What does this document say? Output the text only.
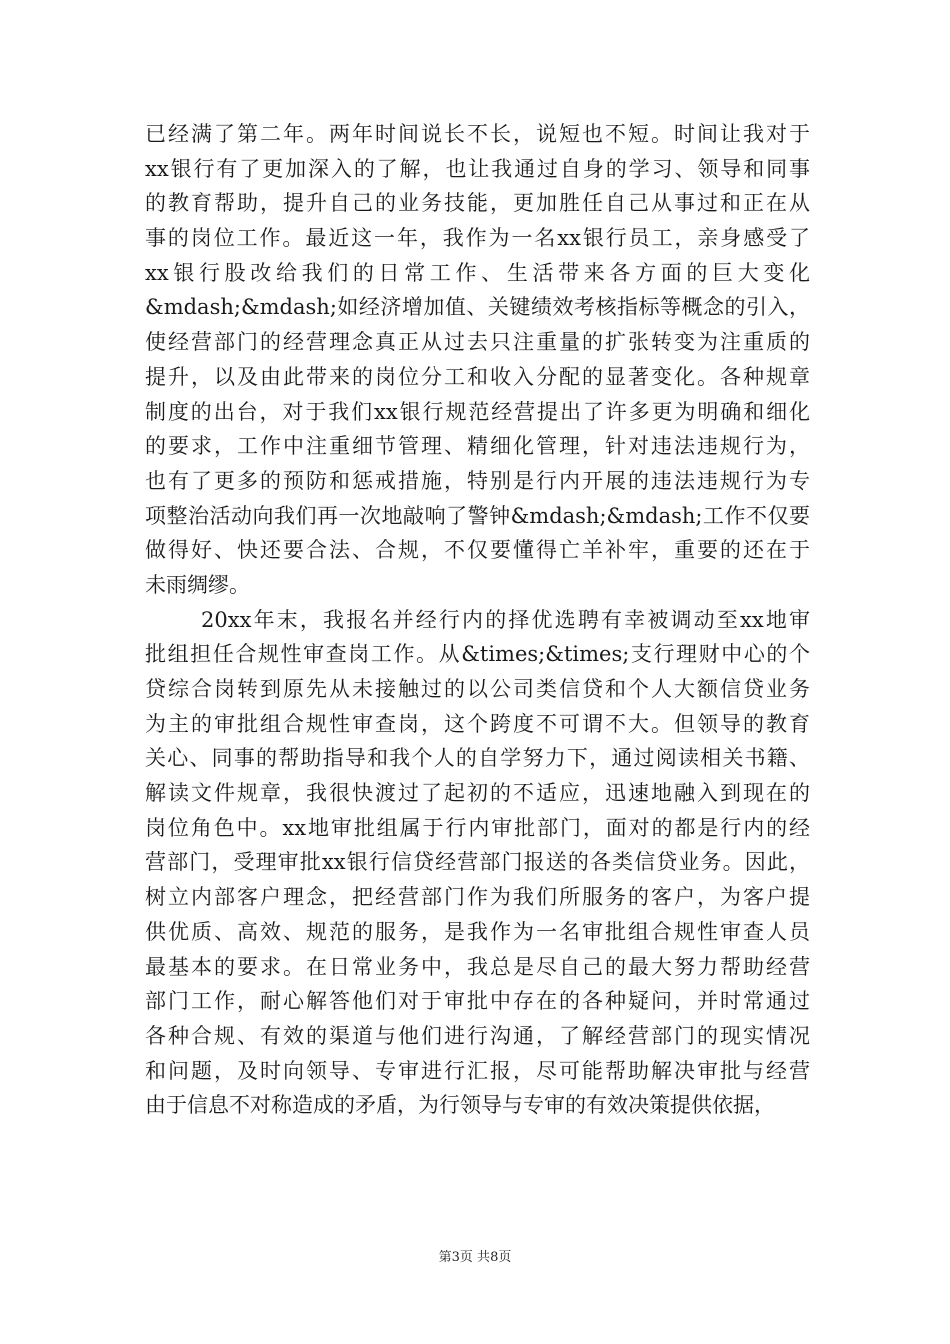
已经满了第二年。两年时间说长不长，说短也不短。时间让我对于
xx银行有了更加深入的了解，也让我通过自身的学习、领导和同事
的教育帮助，提升自己的业务技能，更加胜任自己从事过和正在从
事的岗位工作。最近这一年，我作为一名xx银行员工，亲身感受了
xx银行股改给我们的日常工作、生活带来各方面的巨大变化
&mdash;&mdash;如经济增加值、关键绩效考核指标等概念的引入，
使经营部门的经营理念真正从过去只注重量的扩张转变为注重质的
提升，以及由此带来的岗位分工和收入分配的显著变化。各种规章
制度的出台，对于我们xx银行规范经营提出了许多更为明确和细化
的要求，工作中注重细节管理、精细化管理，针对违法违规行为，
也有了更多的预防和惩戒措施，特别是行内开展的违法违规行为专
项整治活动向我们再一次地敲响了警钟&mdash;&mdash;工作不仅要
做得好、快还要合法、合规，不仅要懂得亡羊补牢，重要的还在于
未雨绸缪。
20xx年末，我报名并经行内的择优选聘有幸被调动至xx地审
批组担任合规性审查岗工作。从&times;&times;支行理财中心的个
贷综合岗转到原先从未接触过的以公司类信贷和个人大额信贷业务
为主的审批组合规性审查岗，这个跨度不可谓不大。但领导的教育
关心、同事的帮助指导和我个人的自学努力下，通过阅读相关书籍、
解读文件规章，我很快渡过了起初的不适应，迅速地融入到现在的
岗位角色中。xx地审批组属于行内审批部门，面对的都是行内的经
营部门，受理审批xx银行信贷经营部门报送的各类信贷业务。因此，
树立内部客户理念，把经营部门作为我们所服务的客户，为客户提
供优质、高效、规范的服务，是我作为一名审批组合规性审查人员
最基本的要求。在日常业务中，我总是尽自己的最大努力帮助经营
部门工作，耐心解答他们对于审批中存在的各种疑问，并时常通过
各种合规、有效的渠道与他们进行沟通，了解经营部门的现实情况
和问题，及时向领导、专审进行汇报，尽可能帮助解决审批与经营
由于信息不对称造成的矛盾，为行领导与专审的有效决策提供依据，
第3页 共8页
